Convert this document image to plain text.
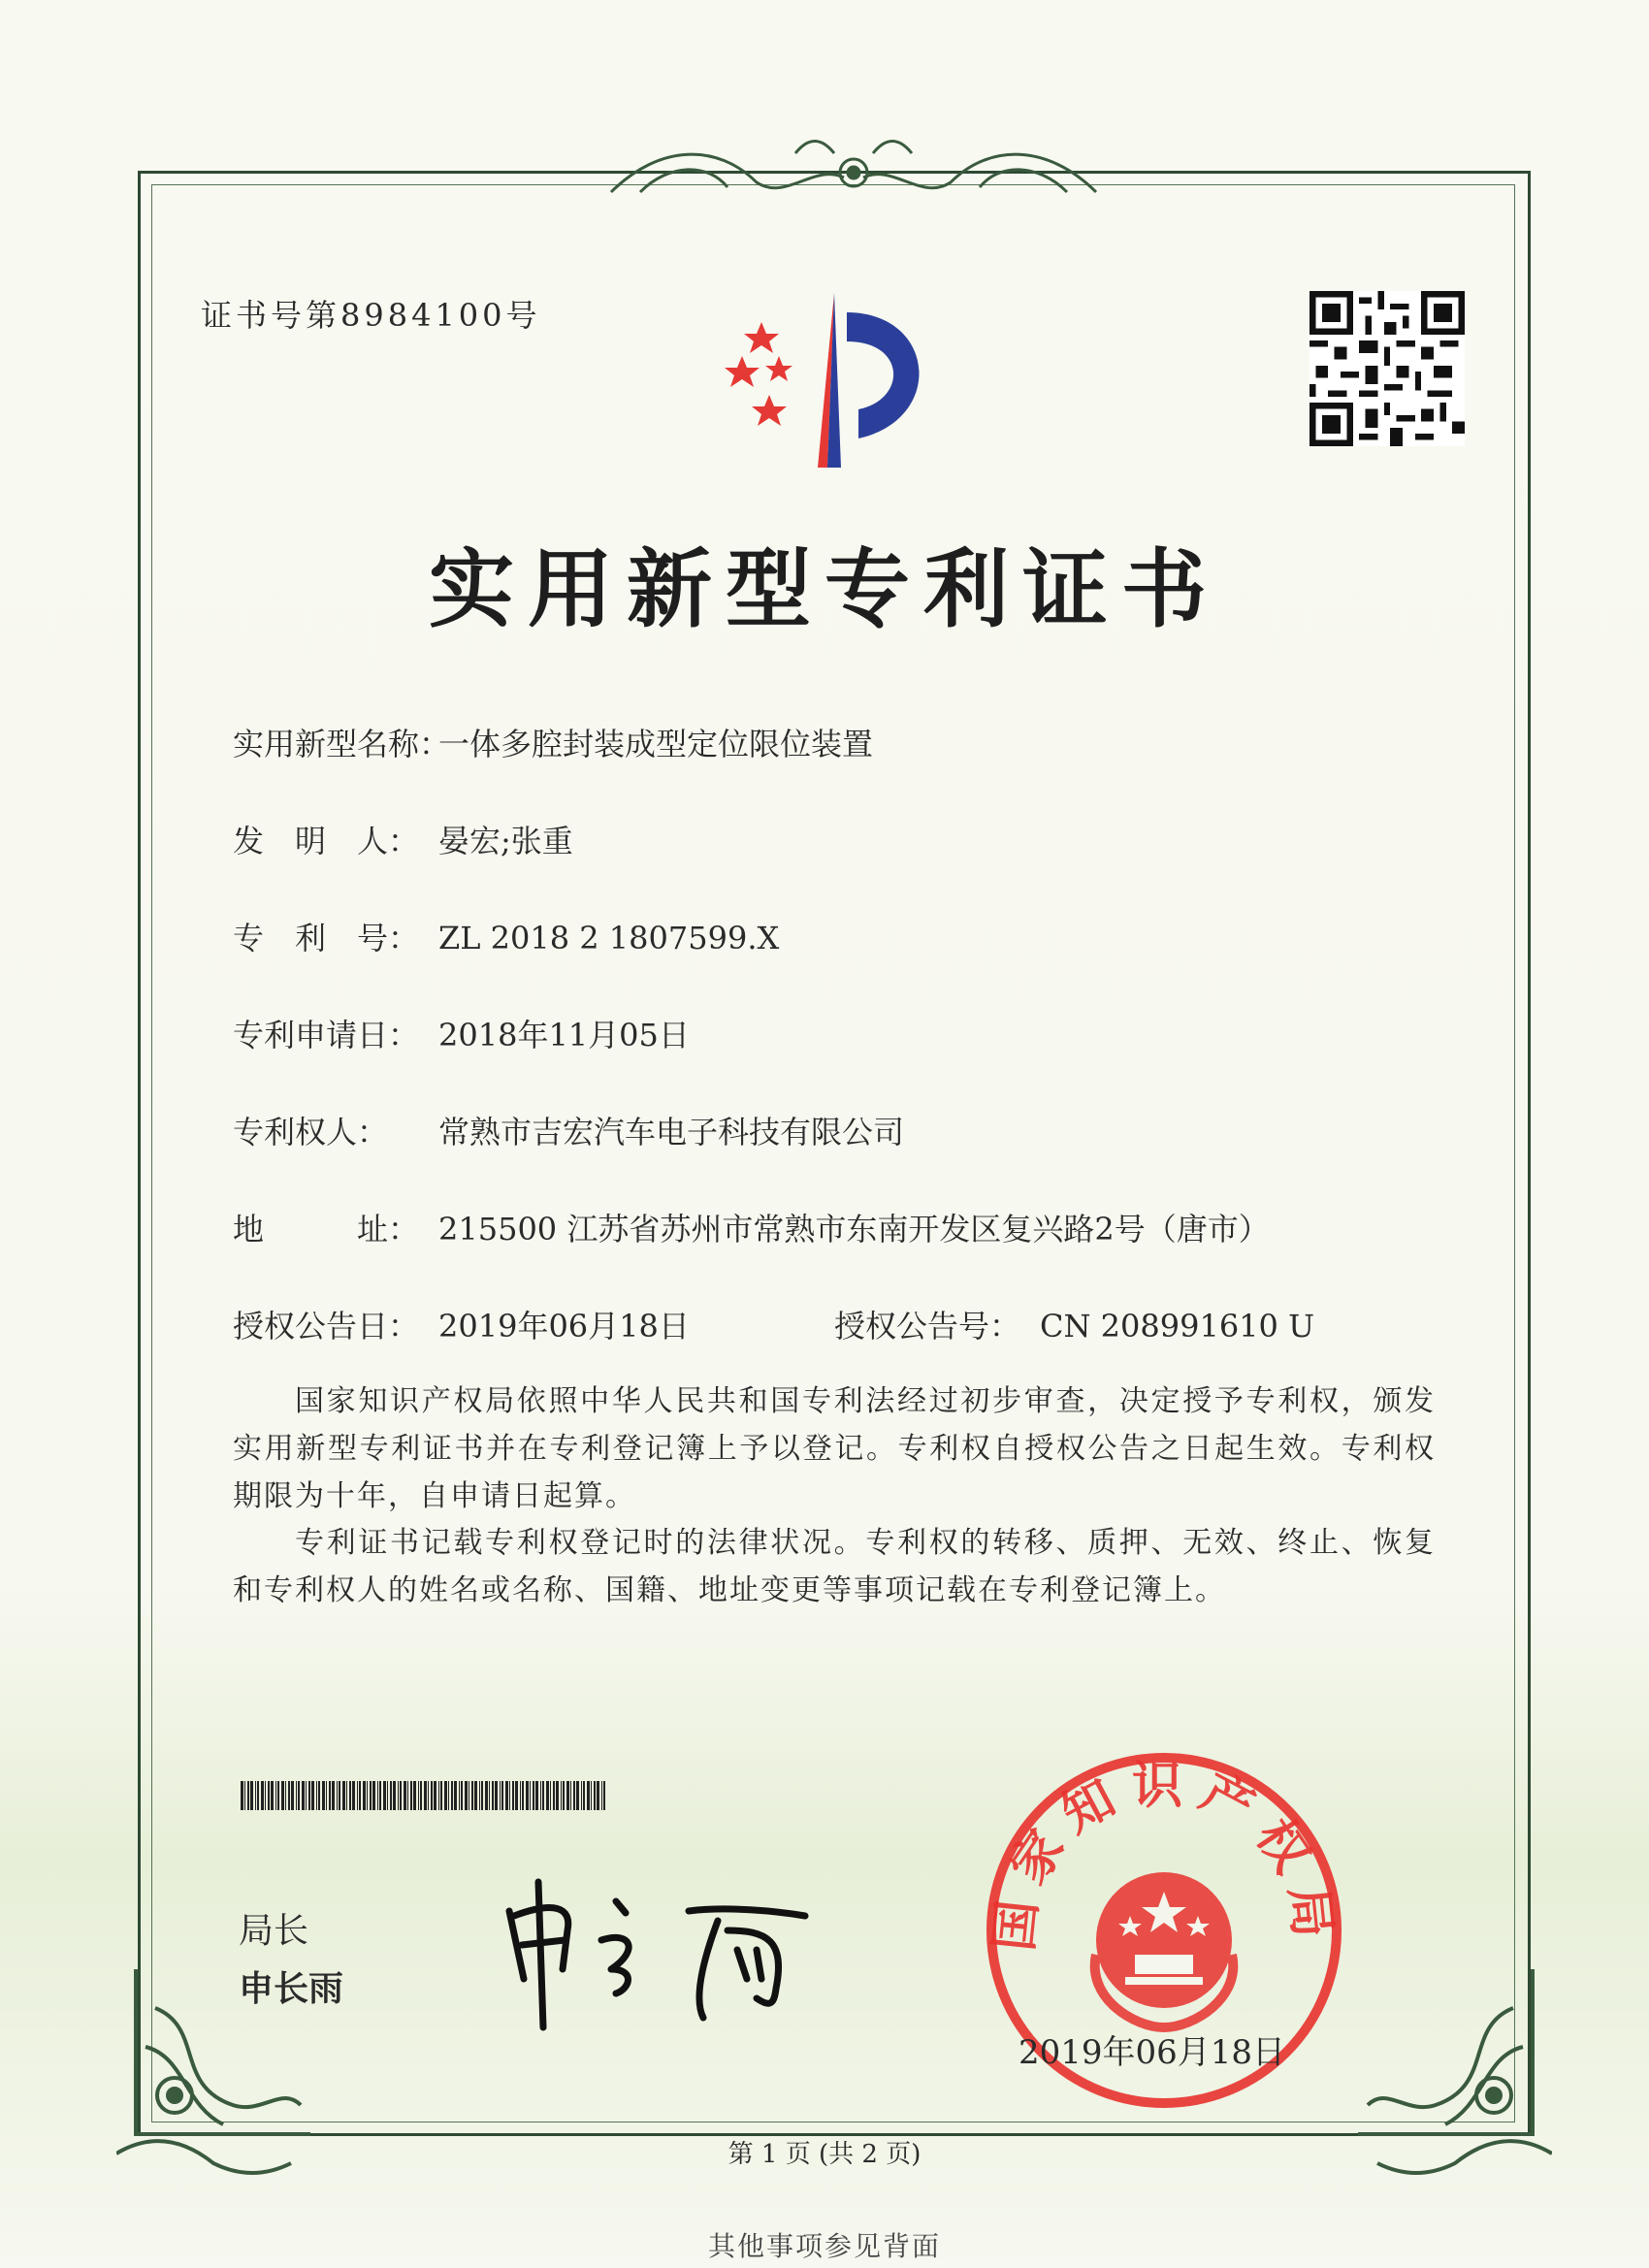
证书号第8984100号
实用新型专利证书
实用新型名称：一体多腔封装成型定位限位装置
发　明　人： 晏宏;张重
专　利　号： ZL 2018 2 1807599.X
专利申请日： 2018年11月05日
专利权人： 常熟市吉宏汽车电子科技有限公司
地　　　址： 215500 江苏省苏州市常熟市东南开发区复兴路2号（唐市）
授权公告日： 2019年06月18日	授权公告号： CN 208991610 U
国家知识产权局依照中华人民共和国专利法经过初步审查，决定授予专利权，颁发实用新型专利证书并在专利登记簿上予以登记。专利权自授权公告之日起生效。专利权期限为十年，自申请日起算。
专利证书记载专利权登记时的法律状况。专利权的转移、质押、无效、终止、恢复和专利权人的姓名或名称、国籍、地址变更等事项记载在专利登记簿上。
局长
申长雨
国家知识产权局
2019年06月18日
第 1 页 (共 2 页)
其他事项参见背面
